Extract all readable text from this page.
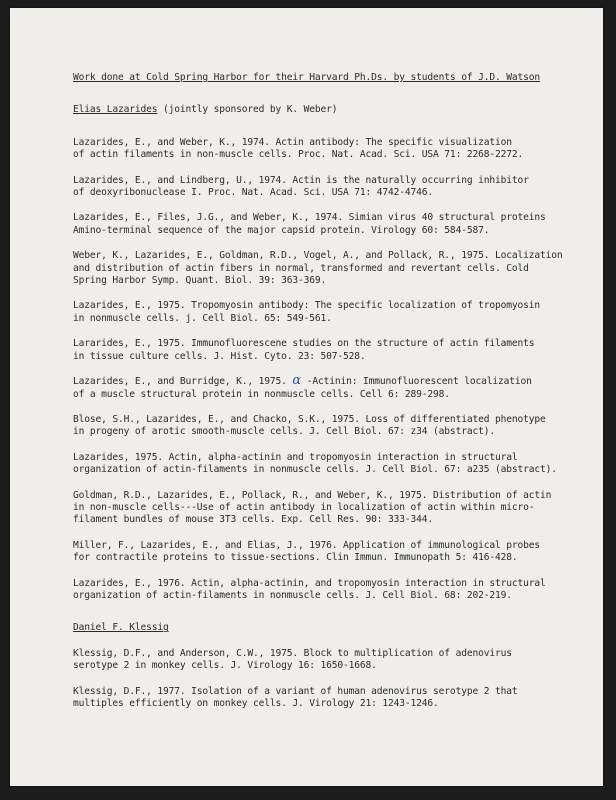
Work done at Cold Spring Harbor for their Harvard Ph.Ds. by students of J.D. Watson

Elias Lazarides (jointly sponsored by K. Weber)

Lazarides, E., and Weber, K., 1974. Actin antibody: The specific visualization
of actin filaments in non-muscle cells. Proc. Nat. Acad. Sci. USA 71: 2268-2272.

Lazarides, E., and Lindberg, U., 1974. Actin is the naturally occurring inhibitor
of deoxyribonuclease I. Proc. Nat. Acad. Sci. USA 71: 4742-4746.

Lazarides, E., Files, J.G., and Weber, K., 1974. Simian virus 40 structural proteins
Amino-terminal sequence of the major capsid protein. Virology 60: 584-587.

Weber, K., Lazarides, E., Goldman, R.D., Vogel, A., and Pollack, R., 1975. Localization
and distribution of actin fibers in normal, transformed and revertant cells. Cold
Spring Harbor Symp. Quant. Biol. 39: 363-369.

Lazarides, E., 1975. Tropomyosin antibody: The specific localization of tropomyosin
in nonmuscle cells. j. Cell Biol. 65: 549-561.

Lararides, E., 1975. Immunofluorescene studies on the structure of actin filaments
in tissue culture cells. J. Hist. Cyto. 23: 507-528.

Lazarides, E., and Burridge, K., 1975. α -Actinin: Immunofluorescent localization
of a muscle structural protein in nonmuscle cells. Cell 6: 289-298.

Blose, S.H., Lazarides, E., and Chacko, S.K., 1975. Loss of differentiated phenotype
in progeny of arotic smooth-muscle cells. J. Cell Biol. 67: z34 (abstract).

Lazarides, 1975. Actin, alpha-actinin and tropomyosin interaction in structural
organization of actin-filaments in nonmuscle cells. J. Cell Biol. 67: a235 (abstract).

Goldman, R.D., Lazarides, E., Pollack, R., and Weber, K., 1975. Distribution of actin
in non-muscle cells---Use of actin antibody in localization of actin within micro-
filament bundles of mouse 3T3 cells. Exp. Cell Res. 90: 333-344.

Miller, F., Lazarides, E., and Elias, J., 1976. Application of immunological probes
for contractile proteins to tissue-sections. Clin Immun. Immunopath 5: 416-428.

Lazarides, E., 1976. Actin, alpha-actinin, and tropomyosin interaction in structural
organization of actin-filaments in nonmuscle cells. J. Cell Biol. 68: 202-219.

Daniel F. Klessig

Klessig, D.F., and Anderson, C.W., 1975. Block to multiplication of adenovirus
serotype 2 in monkey cells. J. Virology 16: 1650-1668.

Klessig, D.F., 1977. Isolation of a variant of human adenovirus serotype 2 that
multiples efficiently on monkey cells. J. Virology 21: 1243-1246.
